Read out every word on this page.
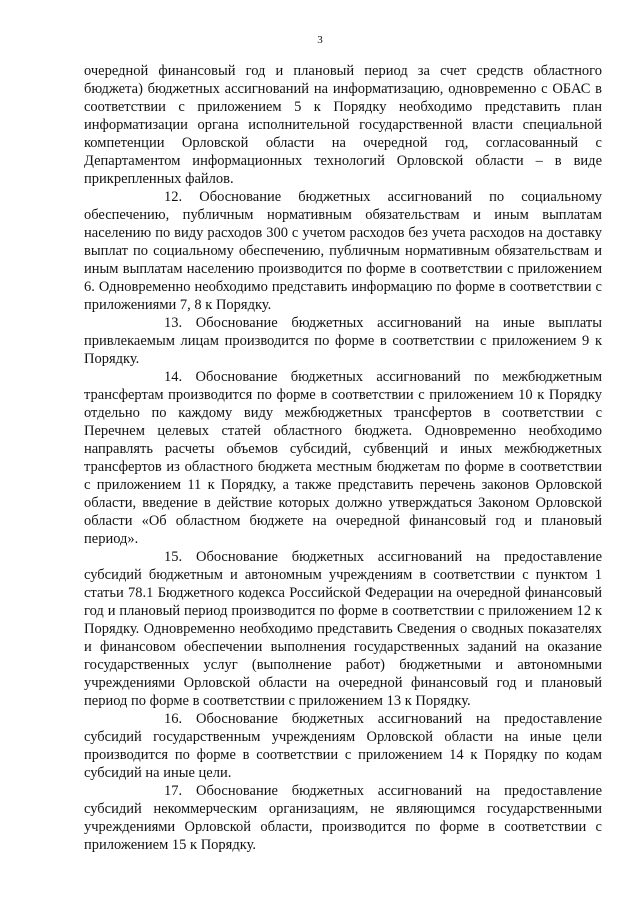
3

очередной финансовый год и плановый период за счет средств областного бюджета) бюджетных ассигнований на информатизацию, одновременно с ОБАС в соответствии с приложением 5 к Порядку необходимо представить план информатизации органа исполнительной государственной власти специальной компетенции Орловской области на очередной год, согласованный с Департаментом информационных технологий Орловской области – в виде прикрепленных файлов.

12. Обоснование бюджетных ассигнований по социальному обеспечению, публичным нормативным обязательствам и иным выплатам населению по виду расходов 300 с учетом расходов без учета расходов на доставку выплат по социальному обеспечению, публичным нормативным обязательствам и иным выплатам населению производится по форме в соответствии с приложением 6. Одновременно необходимо представить информацию по форме в соответствии с приложениями 7, 8 к Порядку.

13. Обоснование бюджетных ассигнований на иные выплаты привлекаемым лицам производится по форме в соответствии с приложением 9 к Порядку.

14. Обоснование бюджетных ассигнований по межбюджетным трансфертам производится по форме в соответствии с приложением 10 к Порядку отдельно по каждому виду межбюджетных трансфертов в соответствии с Перечнем целевых статей областного бюджета. Одновременно необходимо направлять расчеты объемов субсидий, субвенций и иных межбюджетных трансфертов из областного бюджета местным бюджетам по форме в соответствии с приложением 11 к Порядку, а также представить перечень законов Орловской области, введение в действие которых должно утверждаться Законом Орловской области «Об областном бюджете на очередной финансовый год и плановый период».

15. Обоснование бюджетных ассигнований на предоставление субсидий бюджетным и автономным учреждениям в соответствии с пунктом 1 статьи 78.1 Бюджетного кодекса Российской Федерации на очередной финансовый год и плановый период производится по форме в соответствии с приложением 12 к Порядку. Одновременно необходимо представить Сведения о сводных показателях и финансовом обеспечении выполнения государственных заданий на оказание государственных услуг (выполнение работ) бюджетными и автономными учреждениями Орловской области на очередной финансовый год и плановый период по форме в соответствии с приложением 13 к Порядку.

16. Обоснование бюджетных ассигнований на предоставление субсидий государственным учреждениям Орловской области на иные цели производится по форме в соответствии с приложением 14 к Порядку по кодам субсидий на иные цели.

17. Обоснование бюджетных ассигнований на предоставление субсидий некоммерческим организациям, не являющимся государственными учреждениями Орловской области, производится по форме в соответствии с приложением 15 к Порядку.
